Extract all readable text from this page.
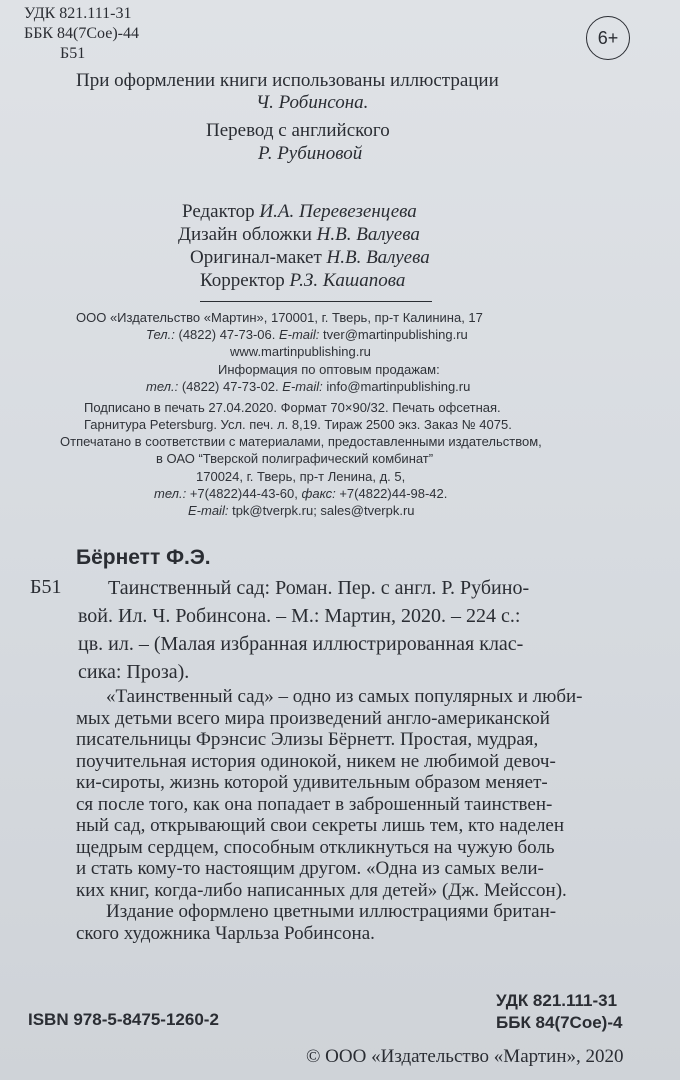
УДК 821.111-31
ББК 84(7Сое)-44
Б51
6+
При оформлении книги использованы иллюстрации
Ч. Робинсона.
Перевод с английского
Р. Рубиновой
Редактор И.А. Перевезенцева
Дизайн обложки Н.В. Валуева
Оригинал-макет Н.В. Валуева
Корректор Р.З. Кашапова
ООО «Издательство «Мартин», 170001, г. Тверь, пр-т Калинина, 17
Тел.: (4822) 47-73-06. E-mail: tver@martinpublishing.ru
www.martinpublishing.ru
Информация по оптовым продажам:
тел.: (4822) 47-73-02. E-mail: info@martinpublishing.ru
Подписано в печать 27.04.2020. Формат 70×90/32. Печать офсетная.
Гарнитура Petersburg. Усл. печ. л. 8,19. Тираж 2500 экз. Заказ № 4075.
Отпечатано в соответствии с материалами, предоставленными издательством,
в ОАО “Тверской полиграфический комбинат”
170024, г. Тверь, пр-т Ленина, д. 5,
тел.: +7(4822)44-43-60, факс: +7(4822)44-98-42.
E-mail: tpk@tverpk.ru; sales@tverpk.ru
Бёрнетт Ф.Э.
Б51	Таинственный сад: Роман. Пер. с англ. Р. Рубино-
вой. Ил. Ч. Робинсона. – М.: Мартин, 2020. – 224 с.:
цв. ил. – (Малая избранная иллюстрированная клас-
сика: Проза).
«Таинственный сад» – одно из самых популярных и люби-
мых детьми всего мира произведений англо-американской
писательницы Фрэнсис Элизы Бёрнетт. Простая, мудрая,
поучительная история одинокой, никем не любимой девоч-
ки-сироты, жизнь которой удивительным образом меняет-
ся после того, как она попадает в заброшенный таинствен-
ный сад, открывающий свои секреты лишь тем, кто наделен
щедрым сердцем, способным откликнуться на чужую боль
и стать кому-то настоящим другом. «Одна из самых вели-
ких книг, когда-либо написанных для детей» (Дж. Мейссон).
Издание оформлено цветными иллюстрациями британ-
ского художника Чарльза Робинсона.
ISBN 978-5-8475-1260-2
УДК 821.111-31
ББК 84(7Сое)-4
© ООО «Издательство «Мартин», 2020
